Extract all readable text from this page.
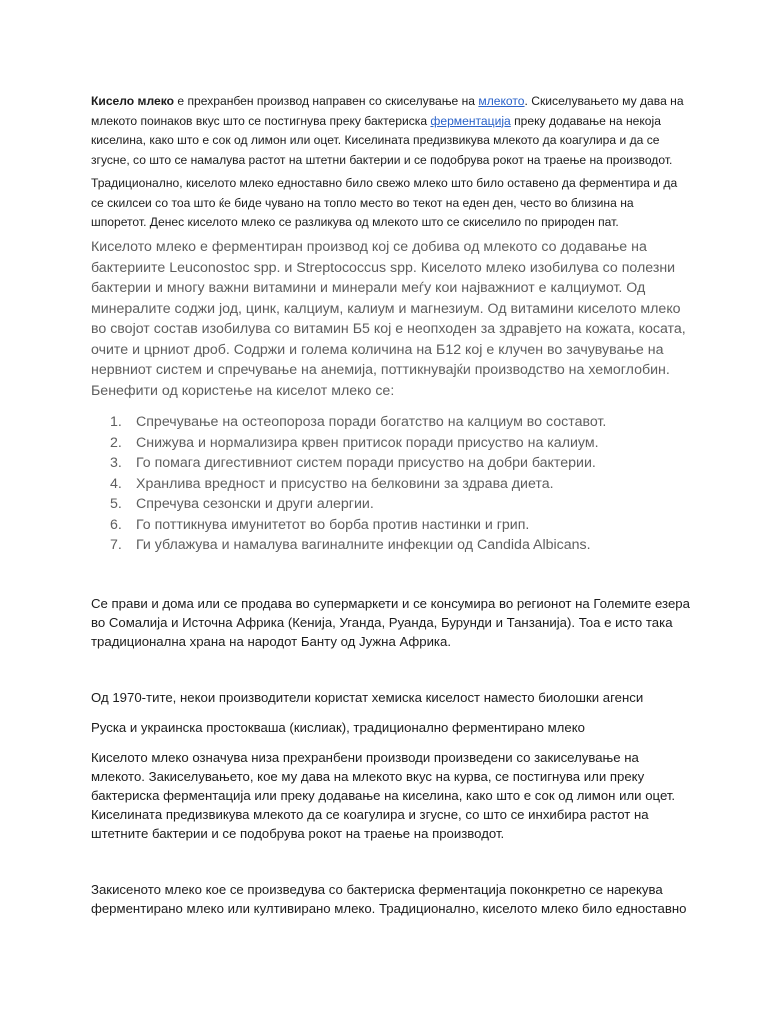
Кисело млеко е прехранбен производ направен со скиселување на млекото. Скиселувањето му дава на млекото поинаков вкус што се постигнува преку бактериска ферментација преку додавање на некоја киселина, како што е сок од лимон или оцет. Киселината предизвикува млекото да коагулира и да се згусне, со што се намалува растот на штетни бактерии и се подобрува рокот на траење на производот.

Традиционално, киселото млеко едноставно било свежо млеко што било оставено да ферментира и да се скилсеи со тоа што ќе биде чувано на топло место во текот на еден ден, често во близина на шпоретот. Денес киселото млеко се разликува од млекото што се скиселило по природен пат.

Киселото млеко е ферментиран производ кој се добива од млекото со додавање на бактериите Leuconostoc spp. и Streptococcus spp. Киселото млеко изобилува со полезни бактерии и многу важни витамини и минерали меѓу кои најважниот е калциумот. Од минералите соджи јод, цинк, калциум, калиум и магнезиум. Од витамини киселото млеко во својот состав изобилува со витамин Б5 кој е неопходен за здравјето на кожата, косата, очите и црниот дроб. Содржи и голема количина на Б12 кој е клучен во зачувување на нервниот систем и спречување на анемија, поттикнувајќи производство на хемоглобин. Бенефити од користење на киселот млеко се:

1. Спречување на остеопороза поради богатство на калциум во составот.
2. Снижува и нормализира крвен притисок поради присуство на калиум.
3. Го помага дигестивниот систем поради присуство на добри бактерии.
4. Хранлива вредност и присуство на белковини за здрава диета.
5. Спречува сезонски и други алергии.
6. Го поттикнува имунитетот во борба против настинки и грип.
7. Ги ублажува и намалува вагиналните инфекции од Candida Albicans.

Се прави и дома или се продава во супермаркети и се консумира во регионот на Големите езера во Сомалија и Источна Африка (Кенија, Уганда, Руанда, Бурунди и Танзанија). Тоа е исто така традиционална храна на народот Банту од Јужна Африка.

Од 1970-тите, некои производители користат хемиска киселост наместо биолошки агенси

Руска и украинска простокваша (кислиак), традиционално ферментирано млеко

Киселото млеко означува низа прехранбени производи произведени со закиселување на млекото. Закиселувањето, кое му дава на млекото вкус на курва, се постигнува или преку бактериска ферментација или преку додавање на киселина, како што е сок од лимон или оцет. Киселината предизвикува млекото да се коагулира и згусне, со што се инхибира растот на штетните бактерии и се подобрува рокот на траење на производот.

Закисеното млеко кое се произведува со бактериска ферментација поконкретно се нарекува ферментирано млеко или култивирано млеко. Традиционално, киселото млеко било едноставно
